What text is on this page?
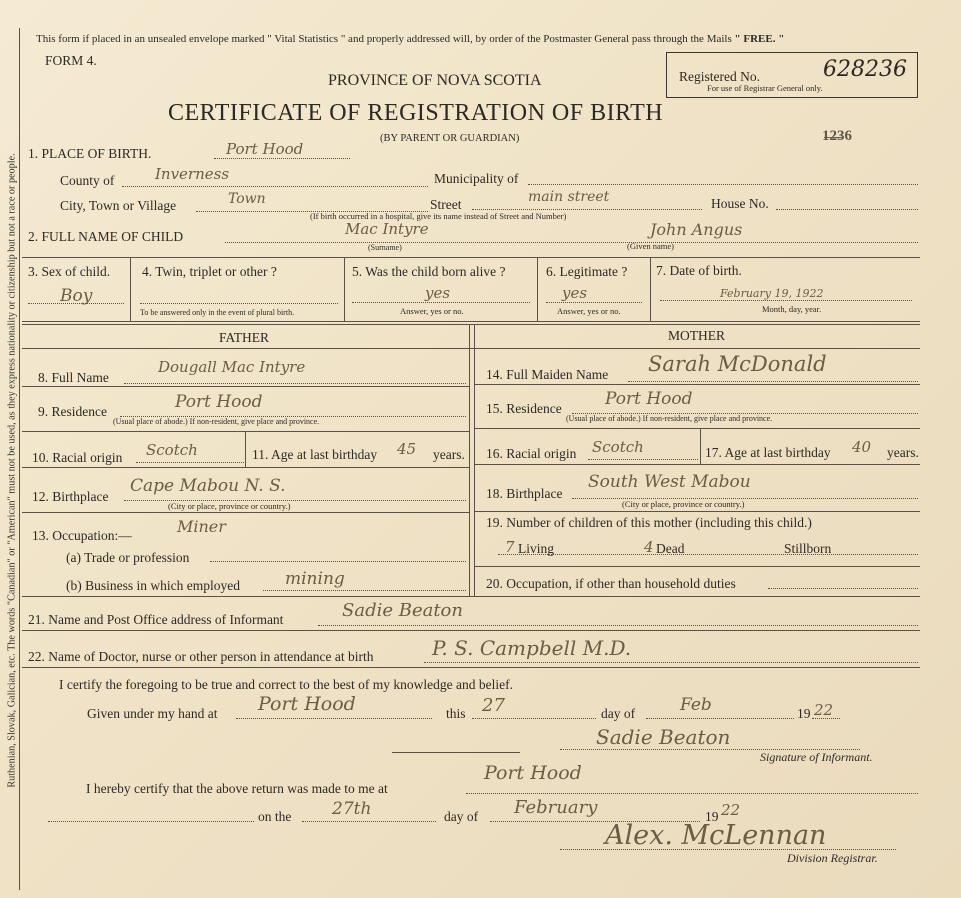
Ruthenian, Slovak, Galician, etc. The words "Canadian" or "American" must not be used, as they express nationality or citizenship but not a race or people.
This form if placed in an unsealed envelope marked " Vital Statistics " and properly addressed will, by order of the Postmaster General pass through the Mails " FREE. "
FORM 4.
PROVINCE OF NOVA SCOTIA
CERTIFICATE OF REGISTRATION OF BIRTH
(BY PARENT OR GUARDIAN)
Registered No.	628236
For use of Registrar General only.
1236
1. PLACE OF BIRTH.	Port Hood
County of	Inverness	Municipality of
City, Town or Village	Town	Street	main street	House No.
(If birth occurred in a hospital, give its name instead of Street and Number)
2. FULL NAME OF CHILD	Mac Intyre	John Angus
(Surname)	(Given name)
3. Sex of child.
Boy
4. Twin, triplet or other ?
To be answered only in the event of plural birth.
5. Was the child born alive ?
yes
Answer, yes or no.
6. Legitimate ?
yes
Answer, yes or no.
7. Date of birth.
February 19, 1922
Month, day, year.
FATHER	MOTHER
8. Full Name
Dougall Mac Intyre
9. Residence	Port Hood
(Usual place of abode.) If non-resident, give place and province.
10. Racial origin Scotch	11. Age at last birthday 45 years.
12. Birthplace
Cape Mabou N. S.
(City or place, province or country.)
13. Occupation:—	Miner
(a) Trade or profession
(b) Business in which employed	mining
14. Full Maiden Name Sarah McDonald
15. Residence	Port Hood
(Usual place of abode.) If non-resident, give place and province.
16. Racial origin Scotch	17. Age at last birthday 40 years.
18. Birthplace
South West Mabou
(City or place, province or country.)
19. Number of children of this mother (including this child.)
7 Living	4 Dead	Stillborn
20. Occupation, if other than household duties
21. Name and Post Office address of Informant	Sadie Beaton
22. Name of Doctor, nurse or other person in attendance at birth	P. S. Campbell M.D.
I certify the foregoing to be true and correct to the best of my knowledge and belief.
Given under my hand at Port Hood	this 27	day of	Feb	19 22
Sadie Beaton
Signature of Informant.
I hereby certify that the above return was made to me at
Port Hood
on the 27th	day of February	19 22
Alex. McLennan
Division Registrar.
